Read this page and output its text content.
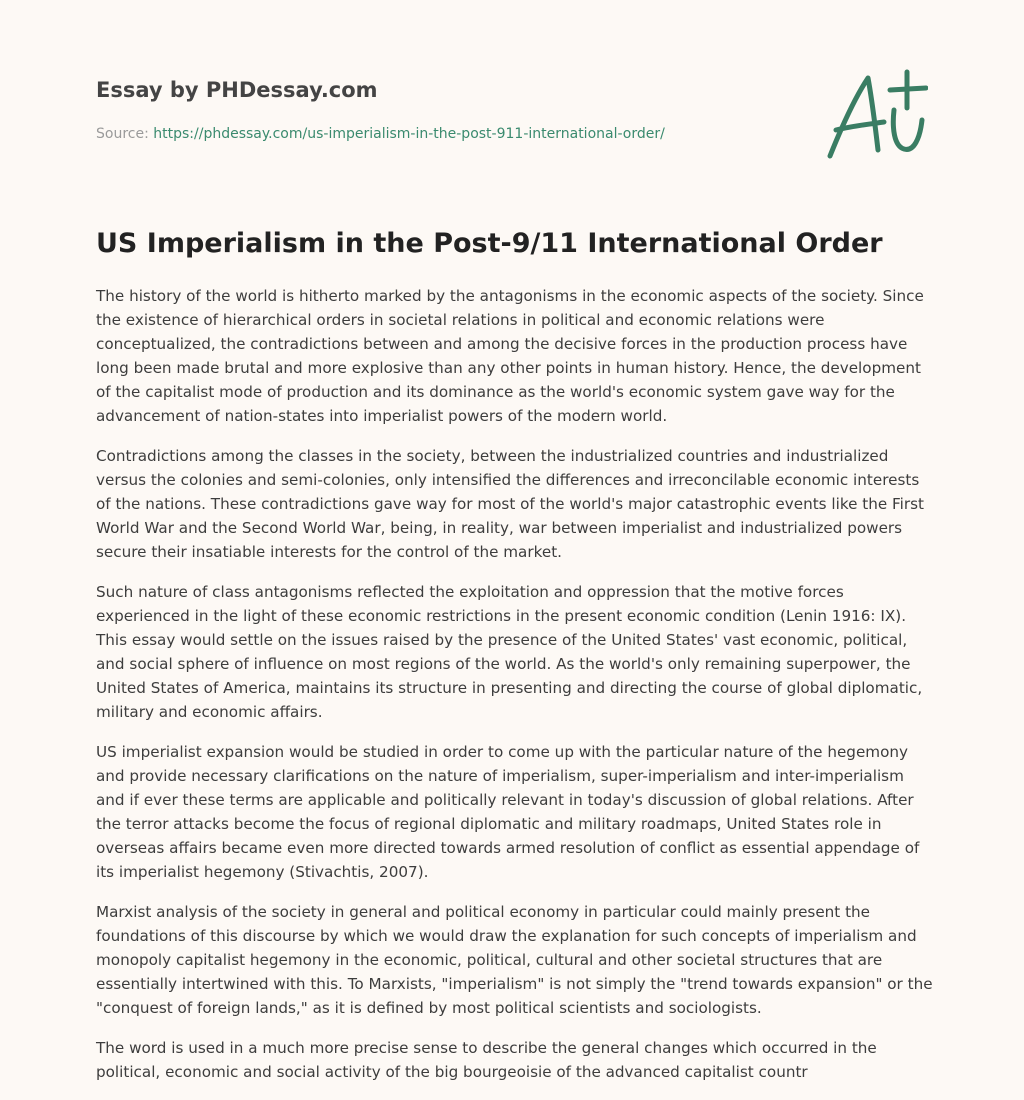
Essay by PHDessay.com
Source: https://phdessay.com/us-imperialism-in-the-post-911-international-order/
US Imperialism in the Post-9/11 International Order

The history of the world is hitherto marked by the antagonisms in the economic aspects of the society. Since the existence of hierarchical orders in societal relations in political and economic relations were conceptualized, the contradictions between and among the decisive forces in the production process have long been made brutal and more explosive than any other points in human history. Hence, the development of the capitalist mode of production and its dominance as the world's economic system gave way for the advancement of nation-states into imperialist powers of the modern world.

Contradictions among the classes in the society, between the industrialized countries and industrialized versus the colonies and semi-colonies, only intensified the differences and irreconcilable economic interests of the nations. These contradictions gave way for most of the world's major catastrophic events like the First World War and the Second World War, being, in reality, war between imperialist and industrialized powers secure their insatiable interests for the control of the market.

Such nature of class antagonisms reflected the exploitation and oppression that the motive forces experienced in the light of these economic restrictions in the present economic condition (Lenin 1916: IX). This essay would settle on the issues raised by the presence of the United States' vast economic, political, and social sphere of influence on most regions of the world. As the world's only remaining superpower, the United States of America, maintains its structure in presenting and directing the course of global diplomatic, military and economic affairs.

US imperialist expansion would be studied in order to come up with the particular nature of the hegemony and provide necessary clarifications on the nature of imperialism, super-imperialism and inter-imperialism and if ever these terms are applicable and politically relevant in today's discussion of global relations. After the terror attacks become the focus of regional diplomatic and military roadmaps, United States role in overseas affairs became even more directed towards armed resolution of conflict as essential appendage of its imperialist hegemony (Stivachtis, 2007).

Marxist analysis of the society in general and political economy in particular could mainly present the foundations of this discourse by which we would draw the explanation for such concepts of imperialism and monopoly capitalist hegemony in the economic, political, cultural and other societal structures that are essentially intertwined with this. To Marxists, "imperialism" is not simply the "trend towards expansion" or the "conquest of foreign lands," as it is defined by most political scientists and sociologists.

The word is used in a much more precise sense to describe the general changes which occurred in the political, economic and social activity of the big bourgeoisie of the advanced capitalist countr
